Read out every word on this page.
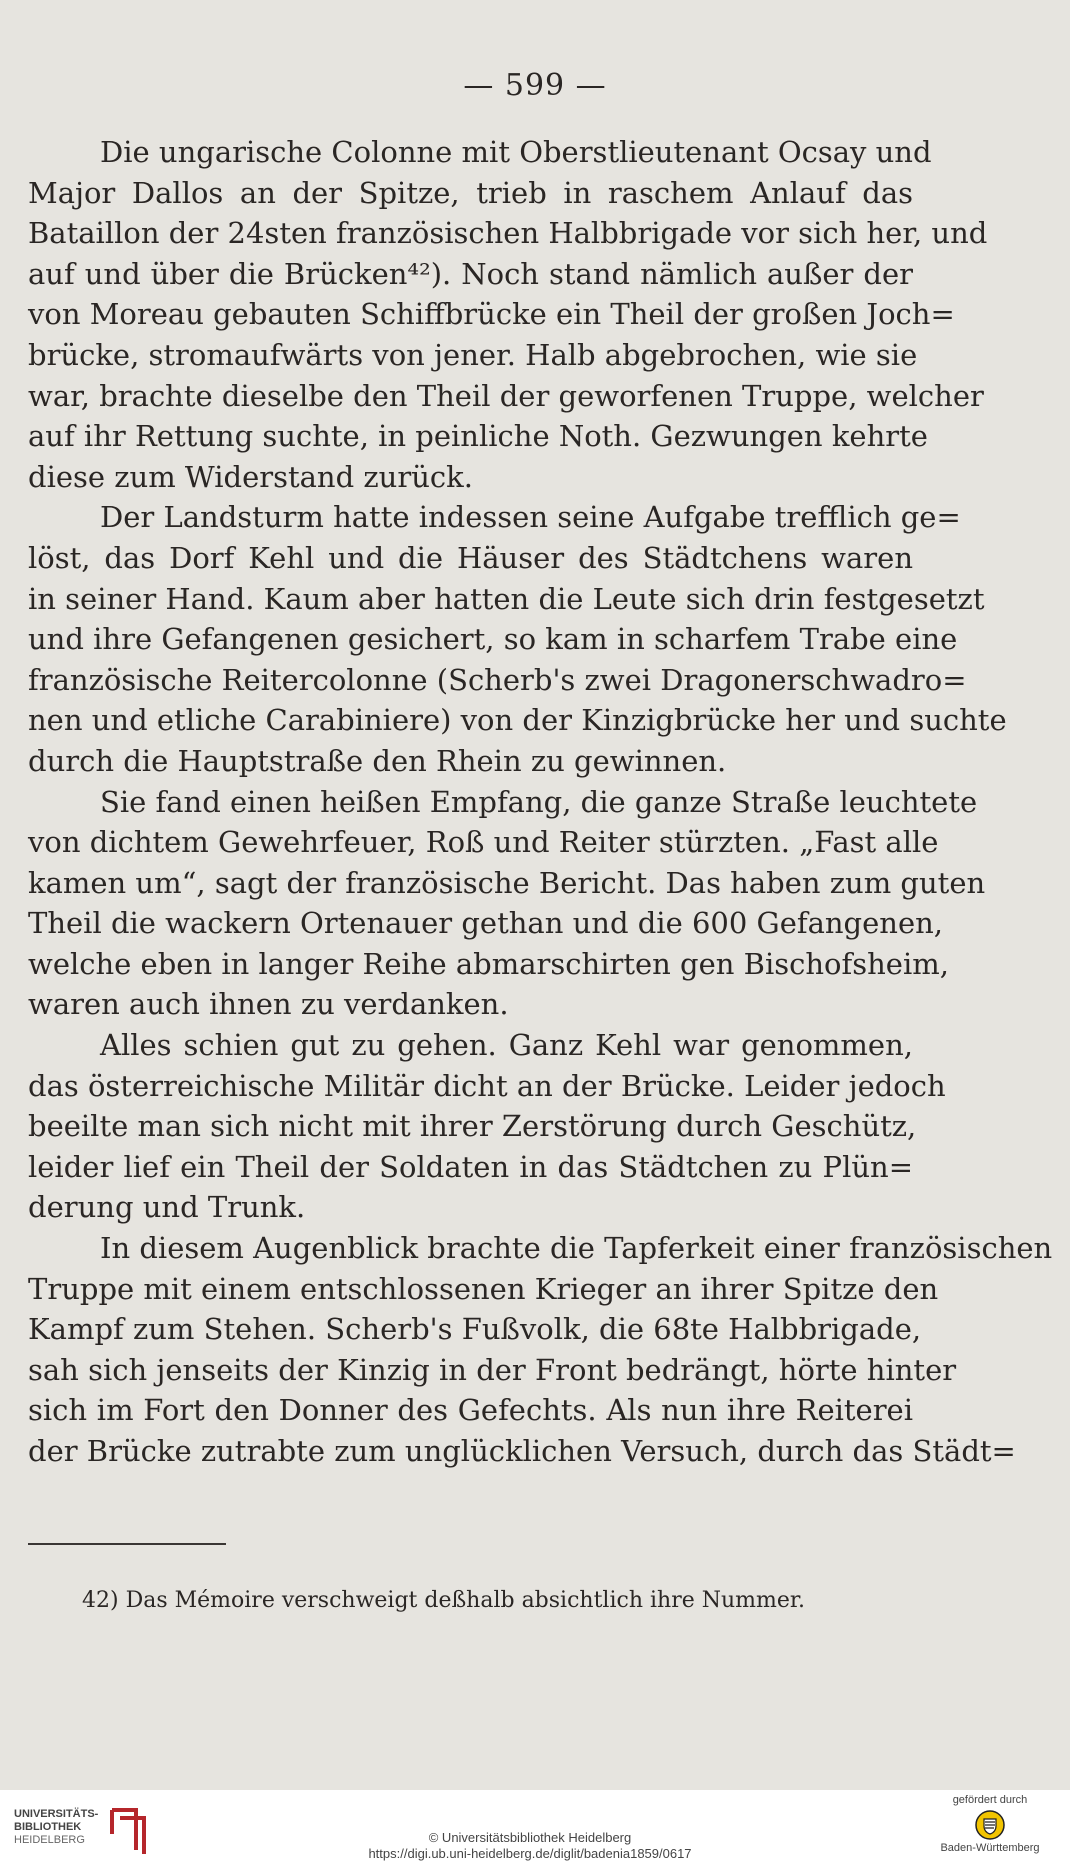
— 599 —
Die ungarische Colonne mit Oberstlieutenant Ocsay und
Major Dallos an der Spitze, trieb in raschem Anlauf das
Bataillon der 24sten französischen Halbbrigade vor sich her, und
auf und über die Brücken⁴²). Noch stand nämlich außer der
von Moreau gebauten Schiffbrücke ein Theil der großen Joch=
brücke, stromaufwärts von jener. Halb abgebrochen, wie sie
war, brachte dieselbe den Theil der geworfenen Truppe, welcher
auf ihr Rettung suchte, in peinliche Noth. Gezwungen kehrte
diese zum Widerstand zurück.
Der Landsturm hatte indessen seine Aufgabe trefflich ge=
löst, das Dorf Kehl und die Häuser des Städtchens waren
in seiner Hand. Kaum aber hatten die Leute sich drin festgesetzt
und ihre Gefangenen gesichert, so kam in scharfem Trabe eine
französische Reitercolonne (Scherb's zwei Dragonerschwadro=
nen und etliche Carabiniere) von der Kinzigbrücke her und suchte
durch die Hauptstraße den Rhein zu gewinnen.
Sie fand einen heißen Empfang, die ganze Straße leuchtete
von dichtem Gewehrfeuer, Roß und Reiter stürzten. „Fast alle
kamen um“, sagt der französische Bericht. Das haben zum guten
Theil die wackern Ortenauer gethan und die 600 Gefangenen,
welche eben in langer Reihe abmarschirten gen Bischofsheim,
waren auch ihnen zu verdanken.
Alles schien gut zu gehen. Ganz Kehl war genommen,
das österreichische Militär dicht an der Brücke. Leider jedoch
beeilte man sich nicht mit ihrer Zerstörung durch Geschütz,
leider lief ein Theil der Soldaten in das Städtchen zu Plün=
derung und Trunk.
In diesem Augenblick brachte die Tapferkeit einer französischen
Truppe mit einem entschlossenen Krieger an ihrer Spitze den
Kampf zum Stehen. Scherb's Fußvolk, die 68te Halbbrigade,
sah sich jenseits der Kinzig in der Front bedrängt, hörte hinter
sich im Fort den Donner des Gefechts. Als nun ihre Reiterei
der Brücke zutrabte zum unglücklichen Versuch, durch das Städt=
42) Das Mémoire verschweigt deßhalb absichtlich ihre Nummer.
UNIVERSITÄTS-
BIBLIOTHEK
HEIDELBERG	© Universitätsbibliothek Heidelberg
https://digi.ub.uni-heidelberg.de/diglit/badenia1859/0617
gefördert durch
Baden-Württemberg
